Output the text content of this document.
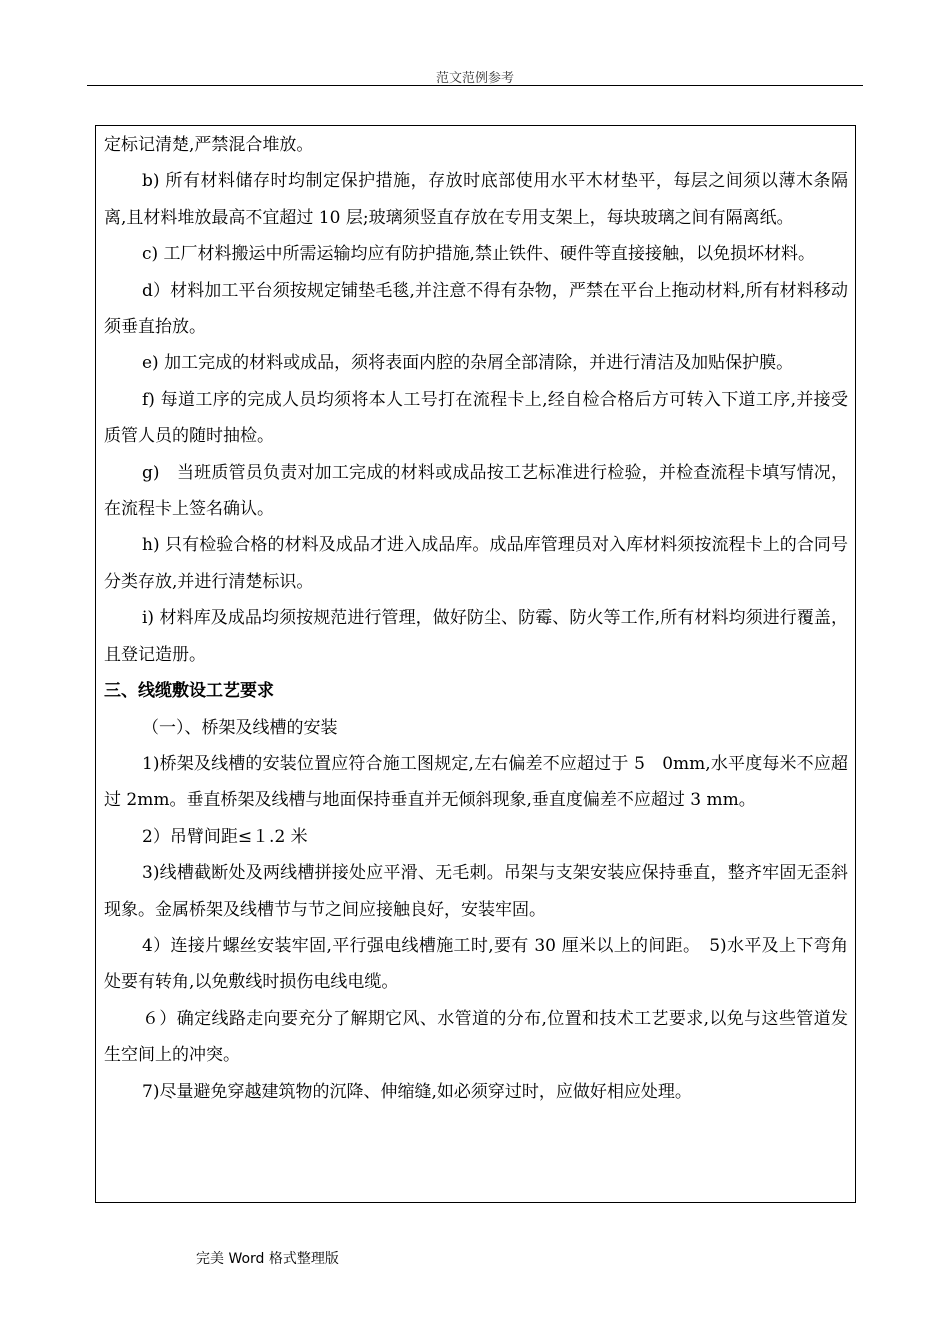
范文范例参考

定标记清楚,严禁混合堆放。

b) 所有材料储存时均制定保护措施，存放时底部使用水平木材垫平，每层之间须以薄木条隔离,且材料堆放最高不宜超过 10 层;玻璃须竖直存放在专用支架上，每块玻璃之间有隔离纸。

c) 工厂材料搬运中所需运输均应有防护措施,禁止铁件、硬件等直接接触，以免损坏材料。

d）材料加工平台须按规定铺垫毛毯,并注意不得有杂物，严禁在平台上拖动材料,所有材料移动须垂直抬放。

e) 加工完成的材料或成品，须将表面内腔的杂屑全部清除，并进行清洁及加贴保护膜。

f) 每道工序的完成人员均须将本人工号打在流程卡上,经自检合格后方可转入下道工序,并接受质管人员的随时抽检。

g)　当班质管员负责对加工完成的材料或成品按工艺标准进行检验，并检查流程卡填写情况，在流程卡上签名确认。

h) 只有检验合格的材料及成品才进入成品库。成品库管理员对入库材料须按流程卡上的合同号分类存放,并进行清楚标识。

i) 材料库及成品均须按规范进行管理，做好防尘、防霉、防火等工作,所有材料均须进行覆盖，且登记造册。

三、线缆敷设工艺要求

（一）、桥架及线槽的安装

1)桥架及线槽的安装位置应符合施工图规定,左右偏差不应超过于 5　0mm,水平度每米不应超过 2mm。垂直桥架及线槽与地面保持垂直并无倾斜现象,垂直度偏差不应超过 3 mm。

2）吊臂间距≤１.2 米

3)线槽截断处及两线槽拼接处应平滑、无毛刺。吊架与支架安装应保持垂直，整齐牢固无歪斜现象。金属桥架及线槽节与节之间应接触良好，安装牢固。

4）连接片螺丝安装牢固,平行强电线槽施工时,要有 30 厘米以上的间距。　5)水平及上下弯角处要有转角,以免敷线时损伤电线电缆。

６）确定线路走向要充分了解期它风、水管道的分布,位置和技术工艺要求,以免与这些管道发生空间上的冲突。

7)尽量避免穿越建筑物的沉降、伸缩缝,如必须穿过时，应做好相应处理。

完美 Word 格式整理版
